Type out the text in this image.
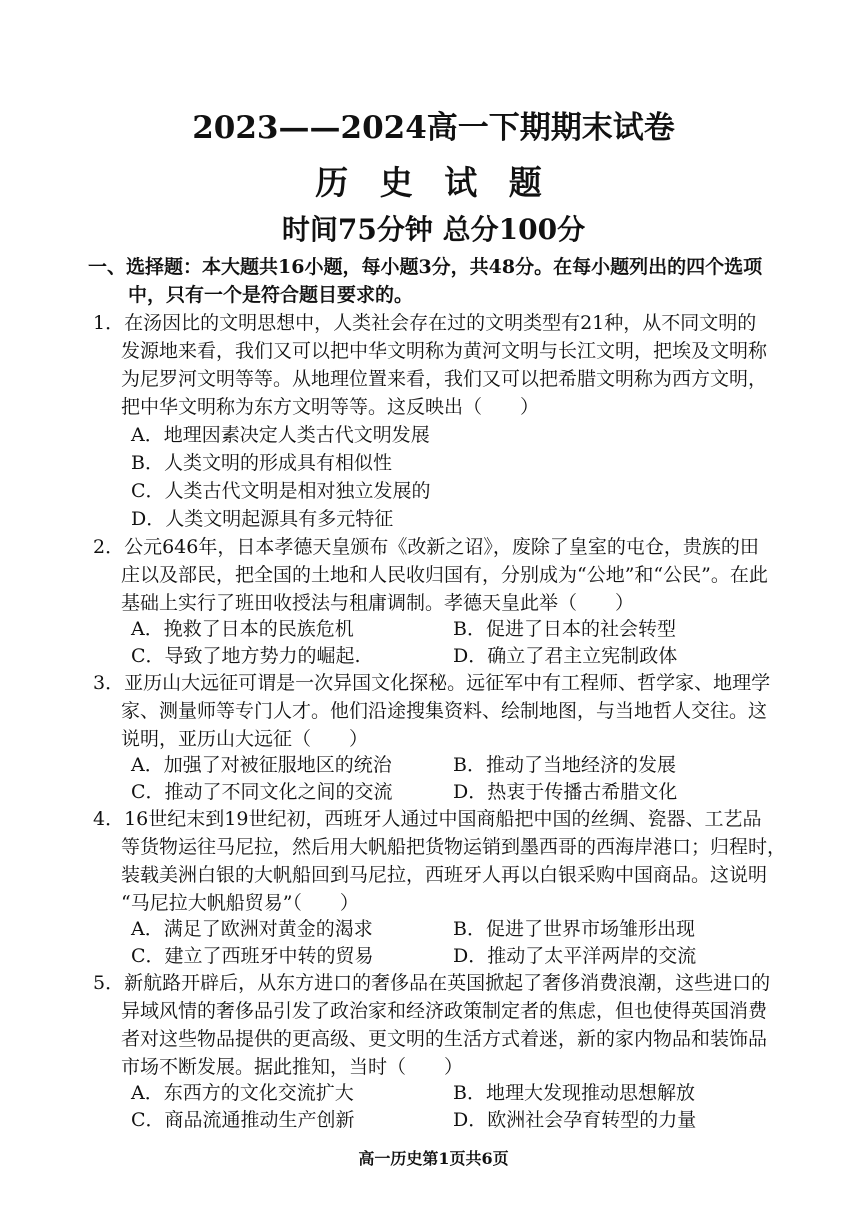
2023——2024高一下期期末试卷
历 史 试 题
时间75分钟 总分100分
一、选择题：本大题共16小题，每小题3分，共48分。在每小题列出的四个选项
中，只有一个是符合题目要求的。
1．在汤因比的文明思想中，人类社会存在过的文明类型有21种，从不同文明的
发源地来看，我们又可以把中华文明称为黄河文明与长江文明，把埃及文明称
为尼罗河文明等等。从地理位置来看，我们又可以把希腊文明称为西方文明，
把中华文明称为东方文明等等。这反映出（　　）
A．地理因素决定人类古代文明发展
B．人类文明的形成具有相似性
C．人类古代文明是相对独立发展的
D．人类文明起源具有多元特征
2．公元646年，日本孝德天皇颁布《改新之诏》，废除了皇室的屯仓，贵族的田
庄以及部民，把全国的土地和人民收归国有，分别成为“公地”和“公民”。在此
基础上实行了班田收授法与租庸调制。孝德天皇此举（　　）
A．挽救了日本的民族危机	B．促进了日本的社会转型
C．导致了地方势力的崛起.	D．确立了君主立宪制政体
3．亚历山大远征可谓是一次异国文化探秘。远征军中有工程师、哲学家、地理学
家、测量师等专门人才。他们沿途搜集资料、绘制地图，与当地哲人交往。这
说明，亚历山大远征（　　）
A．加强了对被征服地区的统治	B．推动了当地经济的发展
C．推动了不同文化之间的交流	D．热衷于传播古希腊文化
4．16世纪末到19世纪初，西班牙人通过中国商船把中国的丝绸、瓷器、工艺品
等货物运往马尼拉，然后用大帆船把货物运销到墨西哥的西海岸港口；归程时，
装载美洲白银的大帆船回到马尼拉，西班牙人再以白银采购中国商品。这说明
“马尼拉大帆船贸易”（　　）
A．满足了欧洲对黄金的渴求	B．促进了世界市场雏形出现
C．建立了西班牙中转的贸易	D．推动了太平洋两岸的交流
5．新航路开辟后，从东方进口的奢侈品在英国掀起了奢侈消费浪潮，这些进口的
异域风情的奢侈品引发了政治家和经济政策制定者的焦虑，但也使得英国消费
者对这些物品提供的更高级、更文明的生活方式着迷，新的家内物品和装饰品
市场不断发展。据此推知，当时（　　）
A．东西方的文化交流扩大	B．地理大发现推动思想解放
C．商品流通推动生产创新	D．欧洲社会孕育转型的力量
高一历史第1页共6页
